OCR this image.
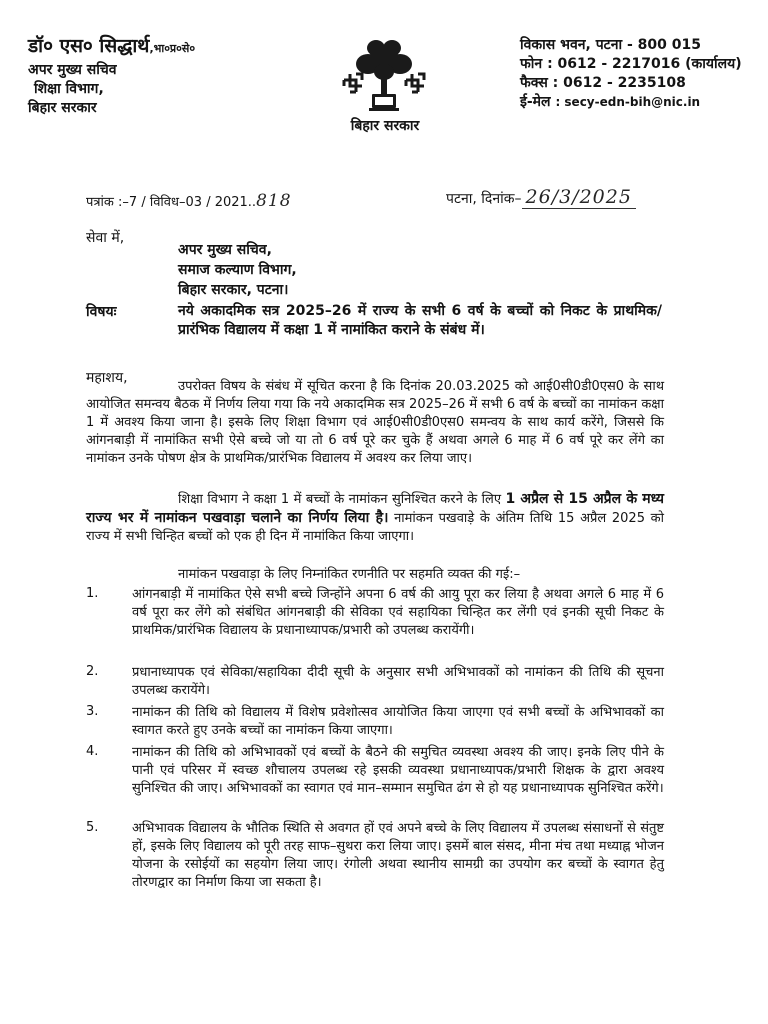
डॉ० एस० सिद्धार्थ,भा०प्र०से०
अपर मुख्य सचिव
शिक्षा विभाग,
बिहार सरकार
बिहार सरकार
विकास भवन, पटना - 800 015
फोन : 0612 - 2217016 (कार्यालय)
फैक्स : 0612 - 2235108
ई-मेल : secy-edn-bih@nic.in
पत्रांक :–7 / विविध–03 / 2021..818	पटना, दिनांक– 26/3/2025
सेवा में,
अपर मुख्य सचिव,
समाज कल्याण विभाग,
बिहार सरकार, पटना।
विषयः	नये अकादमिक सत्र 2025–26 में राज्य के सभी 6 वर्ष के बच्चों को निकट के प्राथमिक/प्रारंभिक विद्यालय में कक्षा 1 में नामांकित कराने के संबंध में।
महाशय,
उपरोक्त विषय के संबंध में सूचित करना है कि दिनांक 20.03.2025 को आई0सी0डी0एस0 के साथ आयोजित समन्वय बैठक में निर्णय लिया गया कि नये अकादमिक सत्र 2025–26 में सभी 6 वर्ष के बच्चों का नामांकन कक्षा 1 में अवश्य किया जाना है। इसके लिए शिक्षा विभाग एवं आई0सी0डी0एस0 समन्वय के साथ कार्य करेंगे, जिससे कि आंगनबाड़ी में नामांकित सभी ऐसे बच्चे जो या तो 6 वर्ष पूरे कर चुके हैं अथवा अगले 6 माह में 6 वर्ष पूरे कर लेंगे का नामांकन उनके पोषण क्षेत्र के प्राथमिक/प्रारंभिक विद्यालय में अवश्य कर लिया जाए।
शिक्षा विभाग ने कक्षा 1 में बच्चों के नामांकन सुनिश्चित करने के लिए 1 अप्रैल से 15 अप्रैल के मध्य राज्य भर में नामांकन पखवाड़ा चलाने का निर्णय लिया है। नामांकन पखवाड़े के अंतिम तिथि 15 अप्रैल 2025 को राज्य में सभी चिन्हित बच्चों को एक ही दिन में नामांकित किया जाएगा।
नामांकन पखवाड़ा के लिए निम्नांकित रणनीति पर सहमति व्यक्त की गई:–
1.	आंगनबाड़ी में नामांकित ऐसे सभी बच्चे जिन्होंने अपना 6 वर्ष की आयु पूरा कर लिया है अथवा अगले 6 माह में 6 वर्ष पूरा कर लेंगे को संबंधित आंगनबाड़ी की सेविका एवं सहायिका चिन्हित कर लेंगी एवं इनकी सूची निकट के प्राथमिक/प्रारंभिक विद्यालय के प्रधानाध्यापक/प्रभारी को उपलब्ध करायेंगी।
2.	प्रधानाध्यापक एवं सेविका/सहायिका दीदी सूची के अनुसार सभी अभिभावकों को नामांकन की तिथि की सूचना उपलब्ध करायेंगे।
3.	नामांकन की तिथि को विद्यालय में विशेष प्रवेशोत्सव आयोजित किया जाएगा एवं सभी बच्चों के अभिभावकों का स्वागत करते हुए उनके बच्चों का नामांकन किया जाएगा।
4.	नामांकन की तिथि को अभिभावकों एवं बच्चों के बैठने की समुचित व्यवस्था अवश्य की जाए। इनके लिए पीने के पानी एवं परिसर में स्वच्छ शौचालय उपलब्ध रहे इसकी व्यवस्था प्रधानाध्यापक/प्रभारी शिक्षक के द्वारा अवश्य सुनिश्चित की जाए। अभिभावकों का स्वागत एवं मान–सम्मान समुचित ढंग से हो यह प्रधानाध्यापक सुनिश्चित करेंगे।
5.	अभिभावक विद्यालय के भौतिक स्थिति से अवगत हों एवं अपने बच्चे के लिए विद्यालय में उपलब्ध संसाधनों से संतुष्ट हों, इसके लिए विद्यालय को पूरी तरह साफ–सुथरा करा लिया जाए। इसमें बाल संसद, मीना मंच तथा मध्याह्न भोजन योजना के रसोईयों का सहयोग लिया जाए। रंगोली अथवा स्थानीय सामग्री का उपयोग कर बच्चों के स्वागत हेतु तोरणद्वार का निर्माण किया जा सकता है।
